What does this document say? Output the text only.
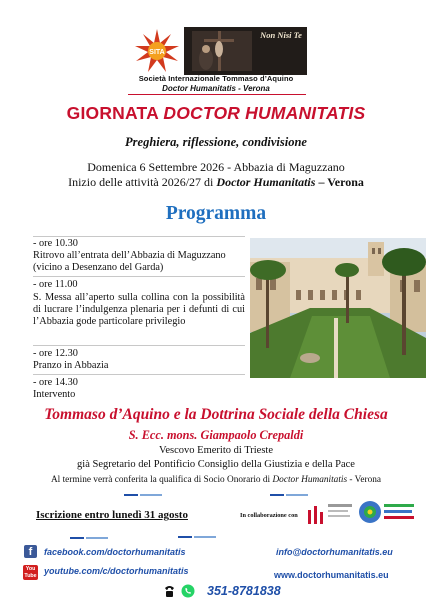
SITA
Non Nisi Te
Società Internazionale Tommaso d’Aquino
Doctor Humanitatis - Verona
GIORNATA DOCTOR HUMANITATIS
Preghiera, riflessione, condivisione
Domenica 6 Settembre 2026 - Abbazia di Maguzzano
Inizio delle attività 2026/27 di Doctor Humanitatis – Verona
Programma
- ore 10.30
Ritrovo all’entrata dell’Abbazia di Maguzzano (vicino a Desenzano del Garda)
- ore 11.00
S. Messa all’aperto sulla collina con la possibilità di lucrare l’indulgenza plenaria per i defunti di cui l’Abbazia gode particolare privilegio
- ore 12.30
Pranzo in Abbazia
- ore 14.30
Intervento
Tommaso d’Aquino e la Dottrina Sociale della Chiesa
S. Ecc. mons. Giampaolo Crepaldi
Vescovo Emerito di Trieste
già Segretario del Pontificio Consiglio della Giustizia e della Pace
Al termine verrà conferita la qualifica di Socio Onorario di Doctor Humanitatis - Verona
Iscrizione entro lunedì 31 agosto	In collaborazione con
f	facebook.com/doctorhumanitatis
You Tube youtube.com/c/doctorhumanitatis
info@doctorhumanitatis.eu
www.doctorhumanitatis.eu
351-8781838
